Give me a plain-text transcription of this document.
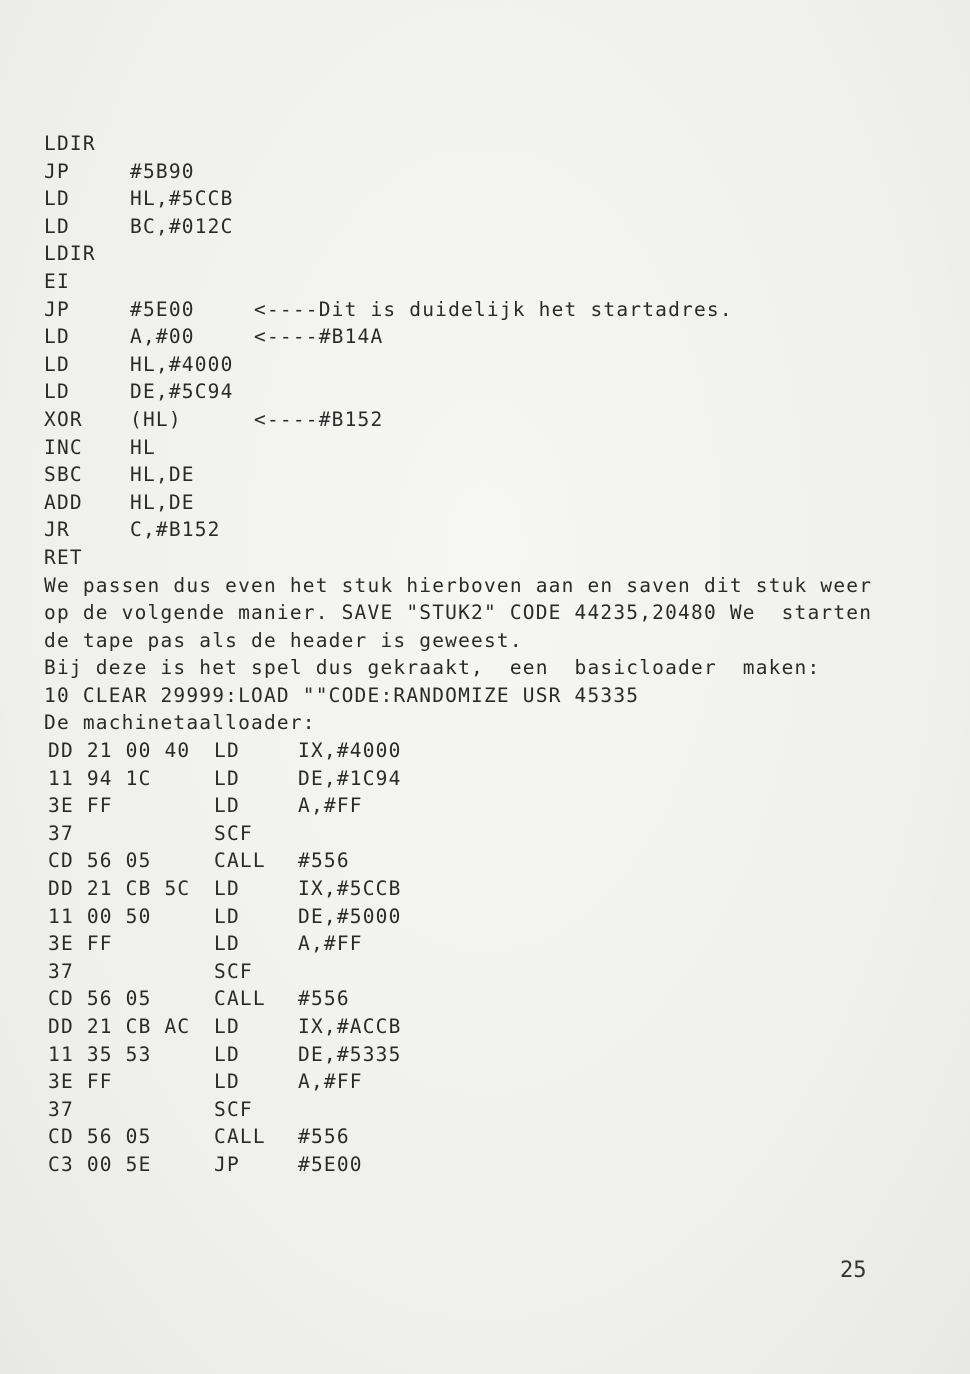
LDIR
JP	#5B90
LD	HL,#5CCB
LD	BC,#012C
LDIR
EI
JP	#5E00	<----Dit is duidelijk het startadres.
LD	A,#00	<----#B14A
LD	HL,#4000
LD	DE,#5C94
XOR (HL)	<----#B152
INC HL
SBC HL,DE
ADD HL,DE
JR	C,#B152
RET
We passen dus even het stuk hierboven aan en saven dit stuk weer
op de volgende manier. SAVE "STUK2" CODE 44235,20480 We  starten
de tape pas als de header is geweest.
Bij deze is het spel dus gekraakt,  een  basicloader  maken:
10 CLEAR 29999:LOAD ""CODE:RANDOMIZE USR 45335
De machinetaalloader:
DD 21 00 40 LD	IX,#4000
11 94 1C	LD	DE,#1C94
3E FF	LD	A,#FF
37	SCF
CD 56 05	CALL #556
DD 21 CB 5C LD	IX,#5CCB
11 00 50	LD	DE,#5000
3E FF	LD	A,#FF
37	SCF
CD 56 05	CALL #556
DD 21 CB AC LD	IX,#ACCB
11 35 53	LD	DE,#5335
3E FF	LD	A,#FF
37	SCF
CD 56 05	CALL #556
C3 00 5E	JP	#5E00
25
